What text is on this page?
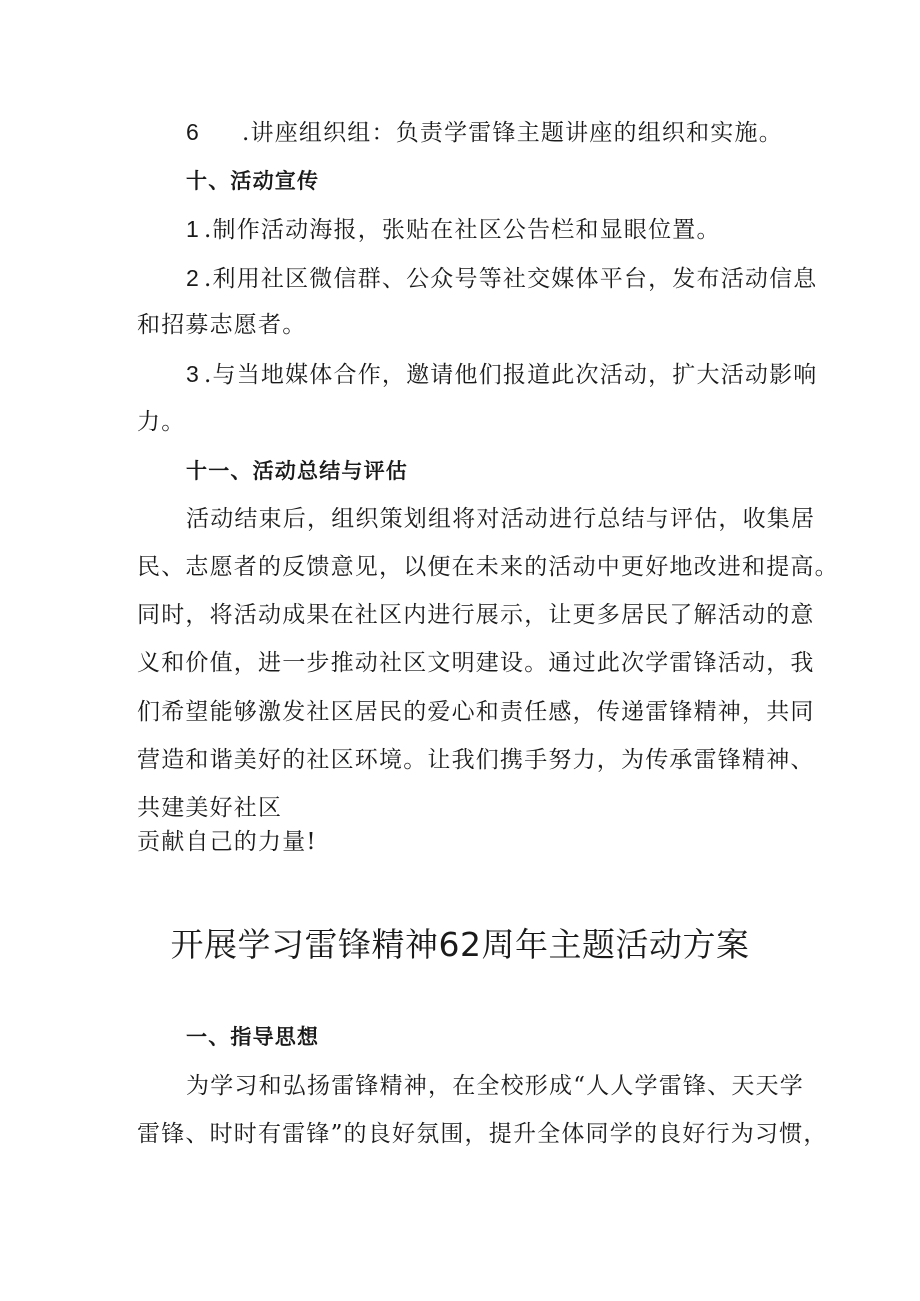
6 .讲座组织组：负责学雷锋主题讲座的组织和实施。
十、活动宣传
1 .制作活动海报，张贴在社区公告栏和显眼位置。
2 .利用社区微信群、公众号等社交媒体平台，发布活动信息
和招募志愿者。
3 .与当地媒体合作，邀请他们报道此次活动，扩大活动影响
力。
十一、活动总结与评估
活动结束后，组织策划组将对活动进行总结与评估，收集居
民、志愿者的反馈意见，以便在未来的活动中更好地改进和提高。
同时，将活动成果在社区内进行展示，让更多居民了解活动的意
义和价值，进一步推动社区文明建设。通过此次学雷锋活动，我
们希望能够激发社区居民的爱心和责任感，传递雷锋精神，共同
营造和谐美好的社区环境。让我们携手努力，为传承雷锋精神、
共建美好社区
贡献自己的力量!
开展学习雷锋精神62周年主题活动方案
一、指导思想
为学习和弘扬雷锋精神，在全校形成“人人学雷锋、天天学
雷锋、时时有雷锋”的良好氛围，提升全体同学的良好行为习惯，
